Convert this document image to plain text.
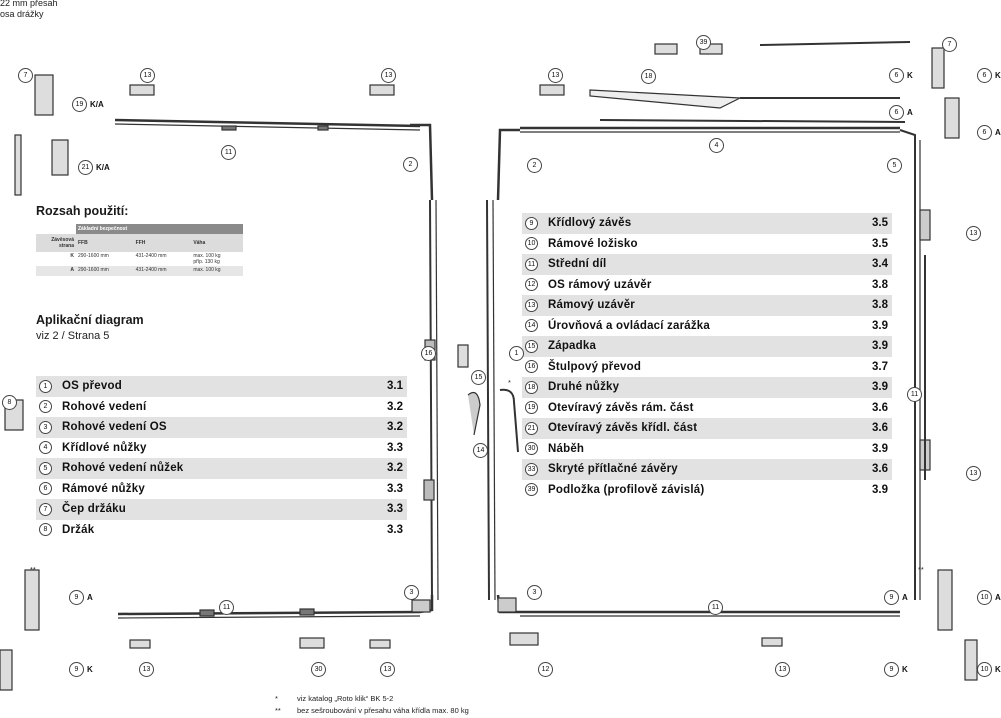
22 mm přesah
osa drážky
Rozsah použití:
	Základní bezpečnost		

Závěsová
strana	FFB	FFH	Váha
K	290-1600 mm	431-2400 mm	max. 100 kg
příp. 130 kg

A	290-1600 mm	431-2400 mm	max. 100 kg
Aplikační diagram
viz 2 / Strana 5
1	OS převod	3.1
2	Rohové vedení	3.2
3	Rohové vedení OS	3.2
4	Křídlové nůžky	3.3
5	Rohové vedení nůžek	3.2
6	Rámové nůžky	3.3
7	Čep držáku	3.3
8	Držák	3.3
9	Křídlový závěs	3.5
10 Rámové ložisko	3.5
11 Střední díl	3.4
12 OS rámový uzávěr	3.8
13 Rámový uzávěr	3.8
14 Úrovňová a ovládací zarážka	3.9
15 Západka	3.9
16 Štulpový převod	3.7
18 Druhé nůžky	3.9
19 Otevíravý závěs rám. část	3.6
21 Otevíravý závěs křídl. část	3.6
30 Náběh	3.9
33 Skryté přítlačné závěry	3.6
39 Podložka (profilově závislá)	3.9
7
19 K/A
21 K/A
13	13
11
2
16
15
14
1
3
11
13	30	13
9	A
9	K
8
39
18
13
4
2	5
6	K
6	A
7
6	K
6	A
13
11
13
3
11
12	13
9	A	10 A
9	K	10 K
**
*
**
*	viz katalog „Roto klik“ BK 5-2
** bez sešroubování v přesahu váha křídla max. 80 kg
